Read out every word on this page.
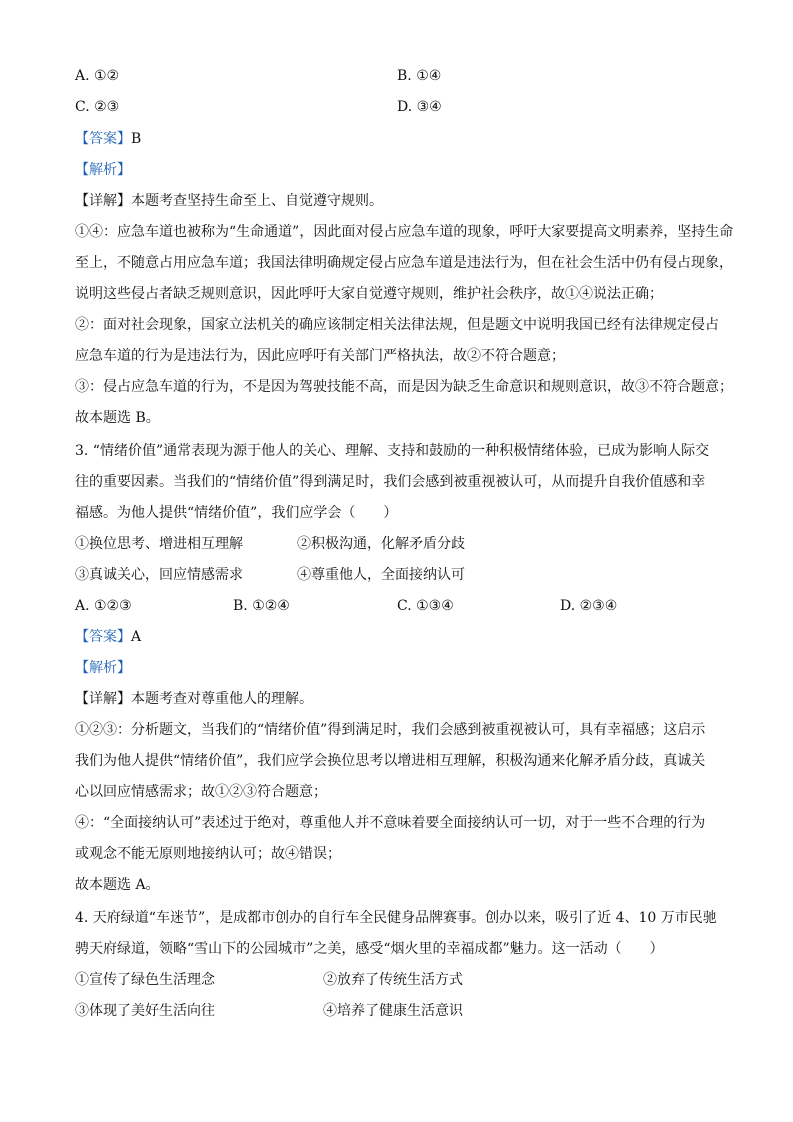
A. ①②	B. ①④
C. ②③	D. ③④
【答案】B
【解析】
【详解】本题考查坚持生命至上、自觉遵守规则。
①④：应急车道也被称为“生命通道”，因此面对侵占应急车道的现象，呼吁大家要提高文明素养，坚持生命
至上，不随意占用应急车道；我国法律明确规定侵占应急车道是违法行为，但在社会生活中仍有侵占现象，
说明这些侵占者缺乏规则意识，因此呼吁大家自觉遵守规则，维护社会秩序，故①④说法正确；
②：面对社会现象，国家立法机关的确应该制定相关法律法规，但是题文中说明我国已经有法律规定侵占
应急车道的行为是违法行为，因此应呼吁有关部门严格执法，故②不符合题意；
③：侵占应急车道的行为，不是因为驾驶技能不高，而是因为缺乏生命意识和规则意识，故③不符合题意；
故本题选 B。
3. “情绪价值”通常表现为源于他人的关心、理解、支持和鼓励的一种积极情绪体验，已成为影响人际交
往的重要因素。当我们的“情绪价值”得到满足时，我们会感到被重视被认可，从而提升自我价值感和幸
福感。为他人提供“情绪价值”，我们应学会（　　）
①换位思考、增进相互理解	②积极沟通，化解矛盾分歧
③真诚关心，回应情感需求	④尊重他人，全面接纳认可
A. ①②③	B. ①②④	C. ①③④	D. ②③④
【答案】A
【解析】
【详解】本题考查对尊重他人的理解。
①②③：分析题文，当我们的“情绪价值”得到满足时，我们会感到被重视被认可，具有幸福感；这启示
我们为他人提供“情绪价值”，我们应学会换位思考以增进相互理解，积极沟通来化解矛盾分歧，真诚关
心以回应情感需求；故①②③符合题意；
④：“全面接纳认可”表述过于绝对，尊重他人并不意味着要全面接纳认可一切，对于一些不合理的行为
或观念不能无原则地接纳认可；故④错误；
故本题选 A。
4. 天府绿道“车迷节”，是成都市创办的自行车全民健身品牌赛事。创办以来，吸引了近 4、10 万市民驰
骋天府绿道，领略“雪山下的公园城市”之美，感受“烟火里的幸福成都”魅力。这一活动（　　）
①宣传了绿色生活理念	②放弃了传统生活方式
③体现了美好生活向往	④培养了健康生活意识
